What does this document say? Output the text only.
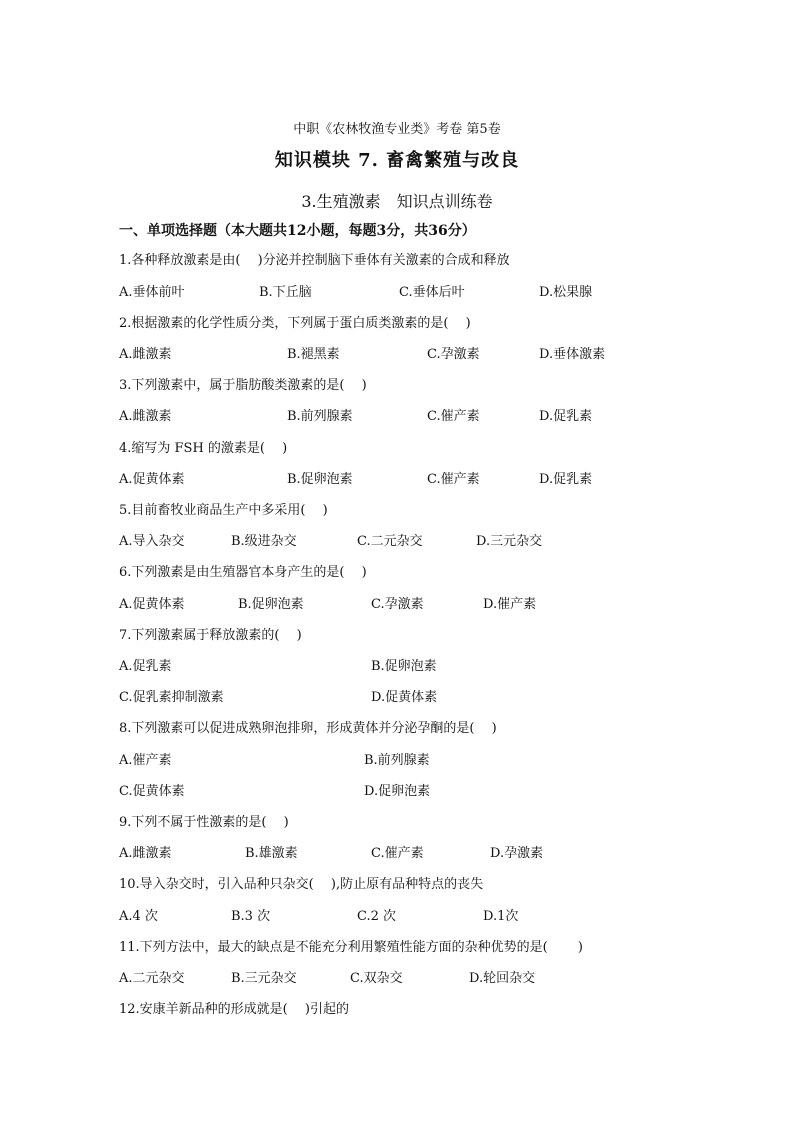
中职《农林牧渔专业类》考卷 第5卷
知识模块 7. 畜禽繁殖与改良
3.生殖激素　知识点训练卷
一、单项选择题（本大题共12小题，每题3分，共36分）
1.各种释放激素是由(　 )分泌并控制脑下垂体有关激素的合成和释放
A.垂体前叶	B.下丘脑	C.垂体后叶	D.松果腺
2.根据激素的化学性质分类，下列属于蛋白质类激素的是(　 )
A.雌激素	B.褪黑素	C.孕激素	D.垂体激素
3.下列激素中，属于脂肪酸类激素的是(　 )
A.雌激素	B.前列腺素	C.催产素	D.促乳素
4.缩写为 FSH 的激素是(　 )
A.促黄体素	B.促卵泡素	C.催产素	D.促乳素
5.目前畜牧业商品生产中多采用(　 )
A.导入杂交	B.级进杂交	C.二元杂交	D.三元杂交
6.下列激素是由生殖器官本身产生的是(　 )
A.促黄体素	B.促卵泡素	C.孕激素	D.催产素
7.下列激素属于释放激素的(　 )
A.促乳素	B.促卵泡素
C.促乳素抑制激素	D.促黄体素
8.下列激素可以促进成熟卵泡排卵，形成黄体并分泌孕酮的是(　 )
A.催产素	B.前列腺素
C.促黄体素	D.促卵泡素
9.下列不属于性激素的是(　 )
A.雌激素	B.雄激素	C.催产素	D.孕激素
10.导入杂交时，引入品种只杂交(　 ),防止原有品种特点的丧失
A.4 次	B.3 次	C.2 次	D.1次
11.下列方法中，最大的缺点是不能充分利用繁殖性能方面的杂种优势的是(　　 )
A.二元杂交	B.三元杂交	C.双杂交	D.轮回杂交
12.安康羊新品种的形成就是(　 )引起的
